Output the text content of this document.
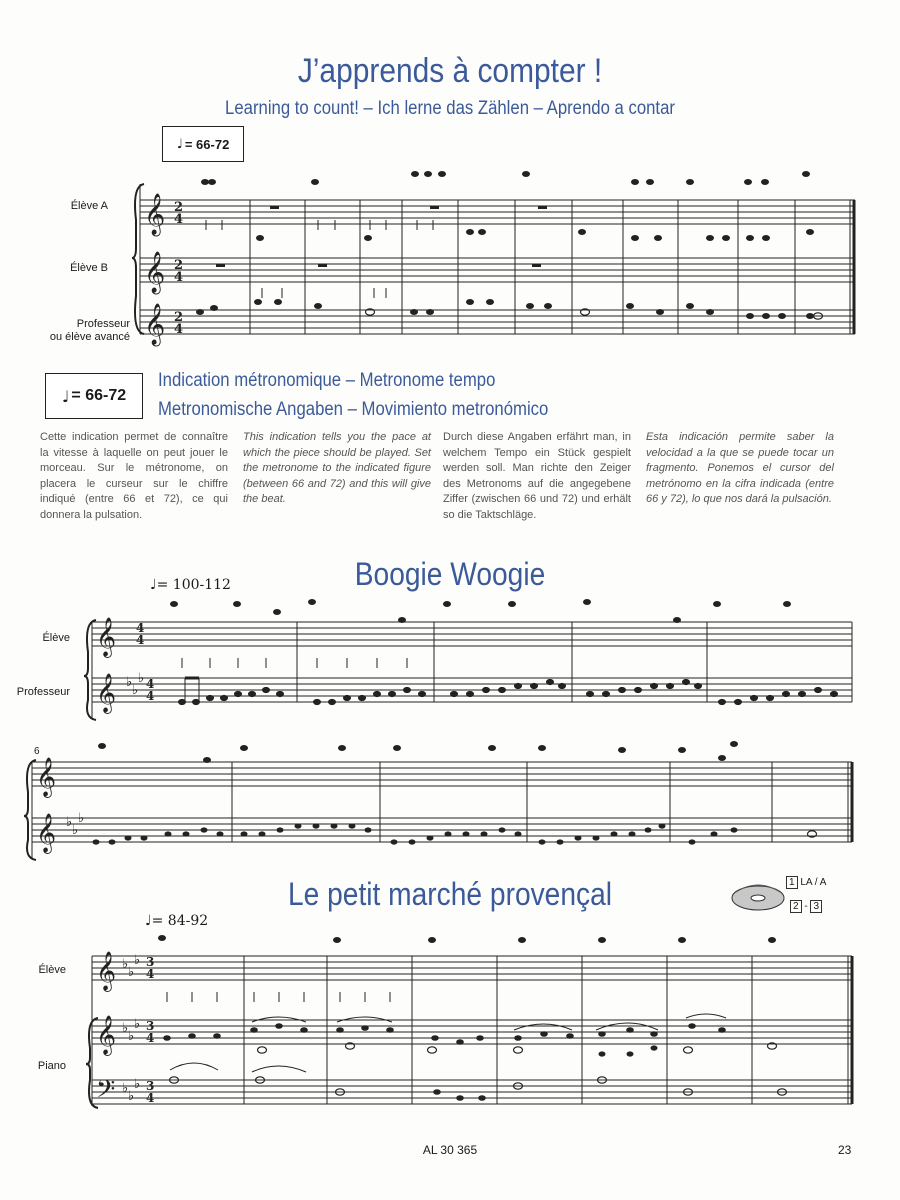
J’apprends à compter !
Learning to count! – Ich lerne das Zählen – Aprendo a contar
♩ = 66-72
Élève A
Élève B
Professeur
ou élève avancé
𝄞
𝄞
𝄞
2
4
2
4
2
4
♩ = 66-72
Indication métronomique – Metronome tempo
Metronomische Angaben – Movimiento metronómico
Cette indication permet de connaître la vitesse à laquelle on peut jouer le morceau. Sur le métronome, on placera le curseur sur le chiffre indiqué (entre 66 et 72), ce qui donnera la pulsation.
This indication tells you the pace at which the piece should be played. Set the metronome to the indicated figure (between 66 and 72) and this will give the beat.
Durch diese Angaben erfährt man, in welchem Tempo ein Stück gespielt werden soll. Man richte den Zeiger des Metronoms auf die angegebene Ziffer (zwischen 66 und 72) und erhält so die Taktschläge.
Esta indicación permite saber la velocidad a la que se puede tocar un fragmento. Ponemos el cursor del metrónomo en la cifra indicada (entre 66 y 72), lo que nos dará la pulsación.
Boogie Woogie
♩= 100-112
Élève
Professeur
𝄞
𝄞 ♭
♭
♭
4
4
4
4
6
𝄞
𝄞 ♭
♭
♭
Le petit marché provençal	1 LA / A
2 - 3
♩= 84-92
Élève
Piano
𝄞
𝄞
𝄢
♭
♭
♭
♭
♭
♭
♭
♭
♭
3
4
3
4
3
4
AL 30 365	23
